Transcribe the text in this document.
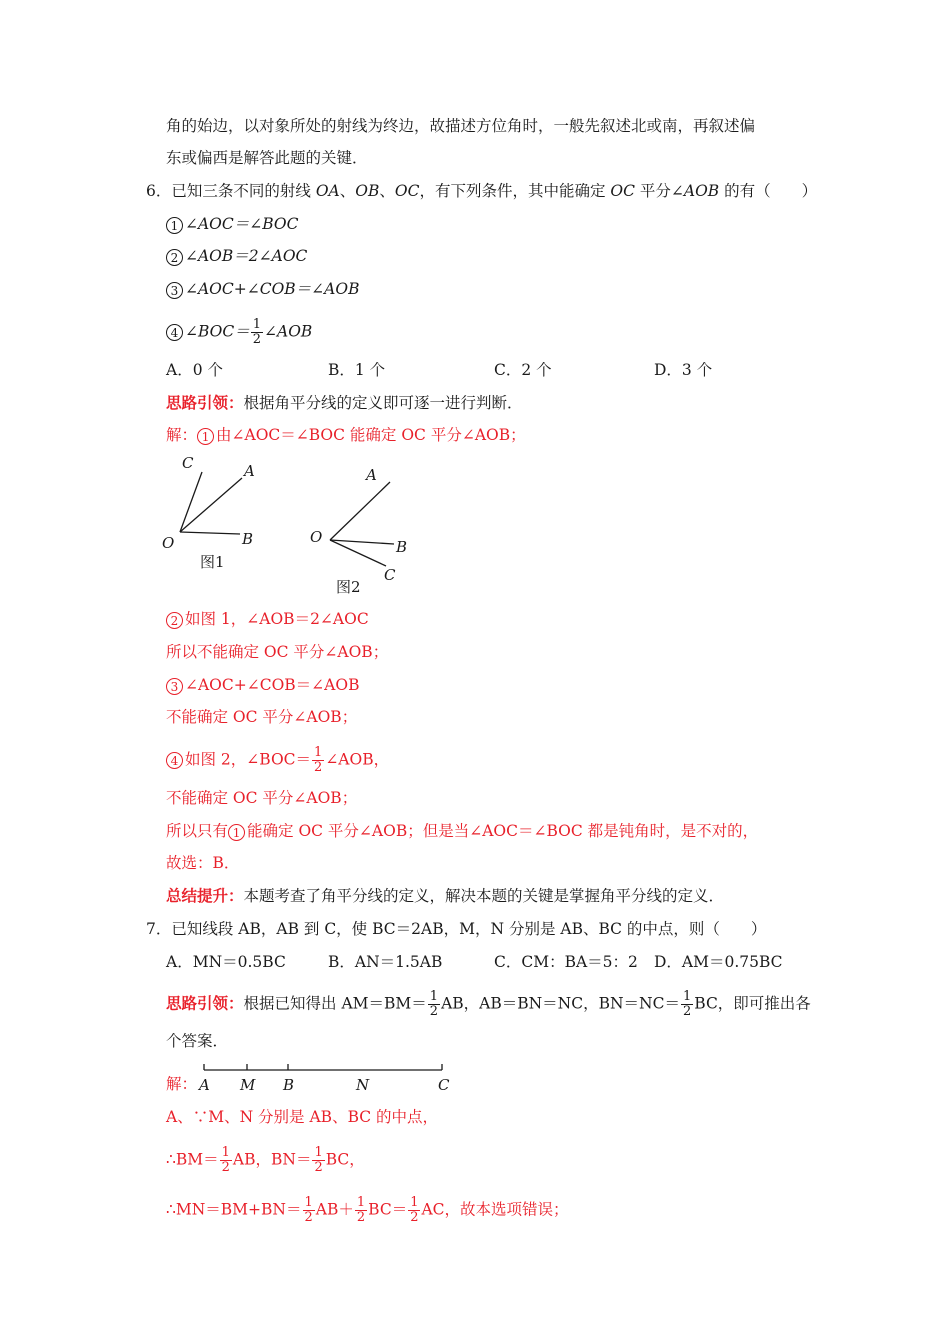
角的始边，以对象所处的射线为终边，故描述方位角时，一般先叙述北或南，再叙述偏
东或偏西是解答此题的关键．
6．已知三条不同的射线 OA、OB、OC，有下列条件，其中能确定 OC 平分∠AOB 的有（　　）
1 ∠AOC＝∠BOC
2 ∠AOB＝2∠AOC
3 ∠AOC+∠COB＝∠AOB
4 ∠BOC＝ $\frac{1}{2}$ ∠AOB
A．0 个	B．1 个	C．2 个	D．3 个
思路引领：根据角平分线的定义即可逐一进行判断．
解： 1 由∠AOC＝∠BOC 能确定 OC 平分∠AOB；
C	A
O	B
图1
A
O
B
C
图2
2 如图 1，∠AOB＝2∠AOC
所以不能确定 OC 平分∠AOB；
3 ∠AOC+∠COB＝∠AOB
不能确定 OC 平分∠AOB；
4 如图 2，∠BOC＝ $\frac{1}{2}$ ∠AOB，
不能确定 OC 平分∠AOB；
所以只有 1 能确定 OC 平分∠AOB；但是当∠AOC＝∠BOC 都是钝角时，是不对的，
故选：B．
总结提升：本题考查了角平分线的定义，解决本题的关键是掌握角平分线的定义．
7．已知线段 AB，AB 到 C，使 BC＝2AB，M，N 分别是 AB、BC 的中点，则（　　）
A．MN＝0.5BC	B．AN＝1.5AB	C．CM：BA＝5：2 D．AM＝0.75BC
思路引领：根据已知得出 $AM=BM= \frac{1}{2}$ AB，AB＝BN＝NC，$BN=NC= \frac{1}{2}$ BC，即可推出各
个答案．
解： A M B	N	C
A、∵M、N 分别是 AB、BC 的中点，
∴BM＝ $\frac{1}{2}$ AB，$BN= \frac{1}{2}$ BC，
∴MN＝BM+BN＝ $\frac{1}{2} AB+ \frac{1}{2} BC= \frac{1}{2}$ AC，故本选项错误；
